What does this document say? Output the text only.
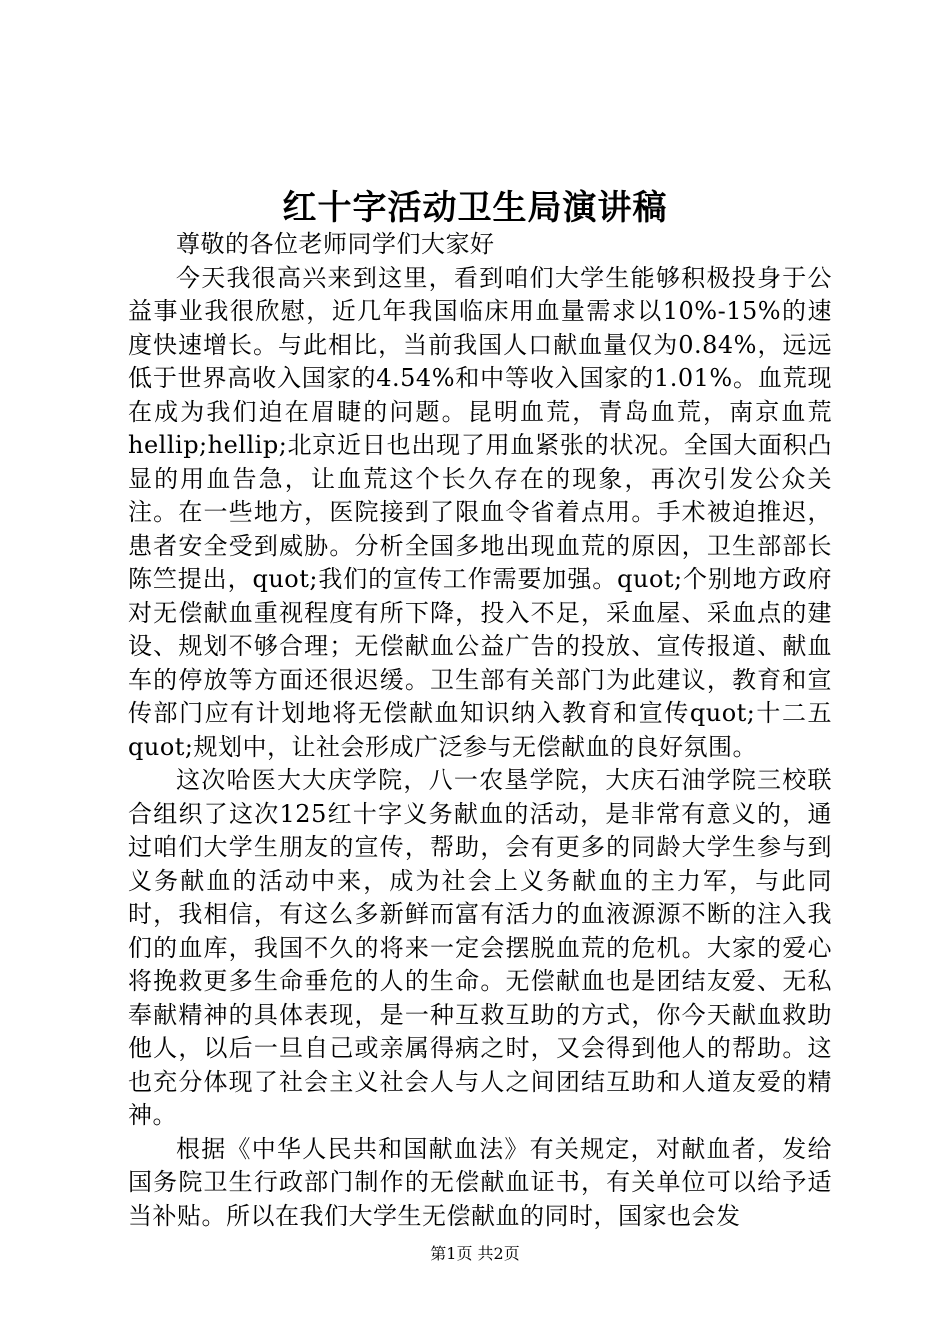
红十字活动卫生局演讲稿

尊敬的各位老师同学们大家好

今天我很高兴来到这里，看到咱们大学生能够积极投身于公益事业我很欣慰，近几年我国临床用血量需求以10%-15%的速度快速增长。与此相比，当前我国人口献血量仅为0.84%，远远低于世界高收入国家的4.54%和中等收入国家的1.01%。血荒现在成为我们迫在眉睫的问题。昆明血荒，青岛血荒，南京血荒hellip;hellip;北京近日也出现了用血紧张的状况。全国大面积凸显的用血告急，让血荒这个长久存在的现象，再次引发公众关注。在一些地方，医院接到了限血令省着点用。手术被迫推迟，患者安全受到威胁。分析全国多地出现血荒的原因，卫生部部长陈竺提出，quot;我们的宣传工作需要加强。quot;个别地方政府对无偿献血重视程度有所下降，投入不足，采血屋、采血点的建设、规划不够合理；无偿献血公益广告的投放、宣传报道、献血车的停放等方面还很迟缓。卫生部有关部门为此建议，教育和宣传部门应有计划地将无偿献血知识纳入教育和宣传quot;十二五quot;规划中，让社会形成广泛参与无偿献血的良好氛围。

这次哈医大大庆学院，八一农垦学院，大庆石油学院三校联合组织了这次125红十字义务献血的活动，是非常有意义的，通过咱们大学生朋友的宣传，帮助，会有更多的同龄大学生参与到义务献血的活动中来，成为社会上义务献血的主力军，与此同时，我相信，有这么多新鲜而富有活力的血液源源不断的注入我们的血库，我国不久的将来一定会摆脱血荒的危机。大家的爱心将挽救更多生命垂危的人的生命。无偿献血也是团结友爱、无私奉献精神的具体表现，是一种互救互助的方式，你今天献血救助他人，以后一旦自己或亲属得病之时，又会得到他人的帮助。这也充分体现了社会主义社会人与人之间团结互助和人道友爱的精神。

根据《中华人民共和国献血法》有关规定，对献血者，发给国务院卫生行政部门制作的无偿献血证书，有关单位可以给予适当补贴。所以在我们大学生无偿献血的同时，国家也会发

第1页 共2页
